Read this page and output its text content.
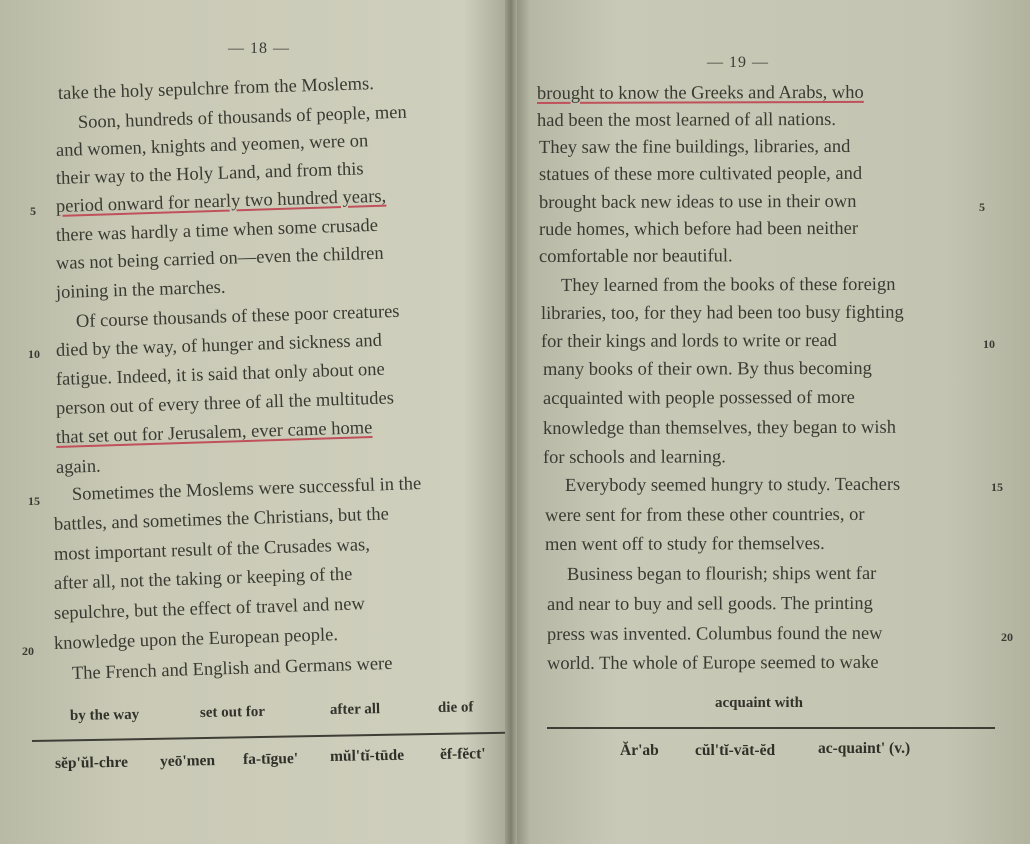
— 18 —
take the holy sepulchre from the Moslems.
Soon, hundreds of thousands of people, men
and women, knights and yeomen, were on
their way to the Holy Land, and from this
period onward for nearly two hundred years,
there was hardly a time when some crusade
was not being carried on—even the children
joining in the marches.
Of course thousands of these poor creatures
died by the way, of hunger and sickness and
fatigue. Indeed, it is said that only about one
person out of every three of all the multitudes
that set out for Jerusalem, ever came home
again.
Sometimes the Moslems were successful in the
battles, and sometimes the Christians, but the
most important result of the Crusades was,
after all, not the taking or keeping of the
sepulchre, but the effect of travel and new
knowledge upon the European people.
The French and English and Germans were
5
10
15
20
by the way	set out for	after all	die of
sĕp'ŭl-chre yeō'men fa-tīgue' mŭl'tĭ-tūde ĕf-fĕct'
— 19 —
brought to know the Greeks and Arabs, who
had been the most learned of all nations.
They saw the fine buildings, libraries, and
statues of these more cultivated people, and
brought back new ideas to use in their own
rude homes, which before had been neither
comfortable nor beautiful.
They learned from the books of these foreign
libraries, too, for they had been too busy fighting
for their kings and lords to write or read
many books of their own. By thus becoming
acquainted with people possessed of more
knowledge than themselves, they began to wish
for schools and learning.
Everybody seemed hungry to study. Teachers
were sent for from these other countries, or
men went off to study for themselves.
Business began to flourish; ships went far
and near to buy and sell goods. The printing
press was invented. Columbus found the new
world. The whole of Europe seemed to wake
5
10
15
20
acquaint with
Ăr'ab cŭl'tĭ-vāt-ĕd	ac-quaint' (v.)
